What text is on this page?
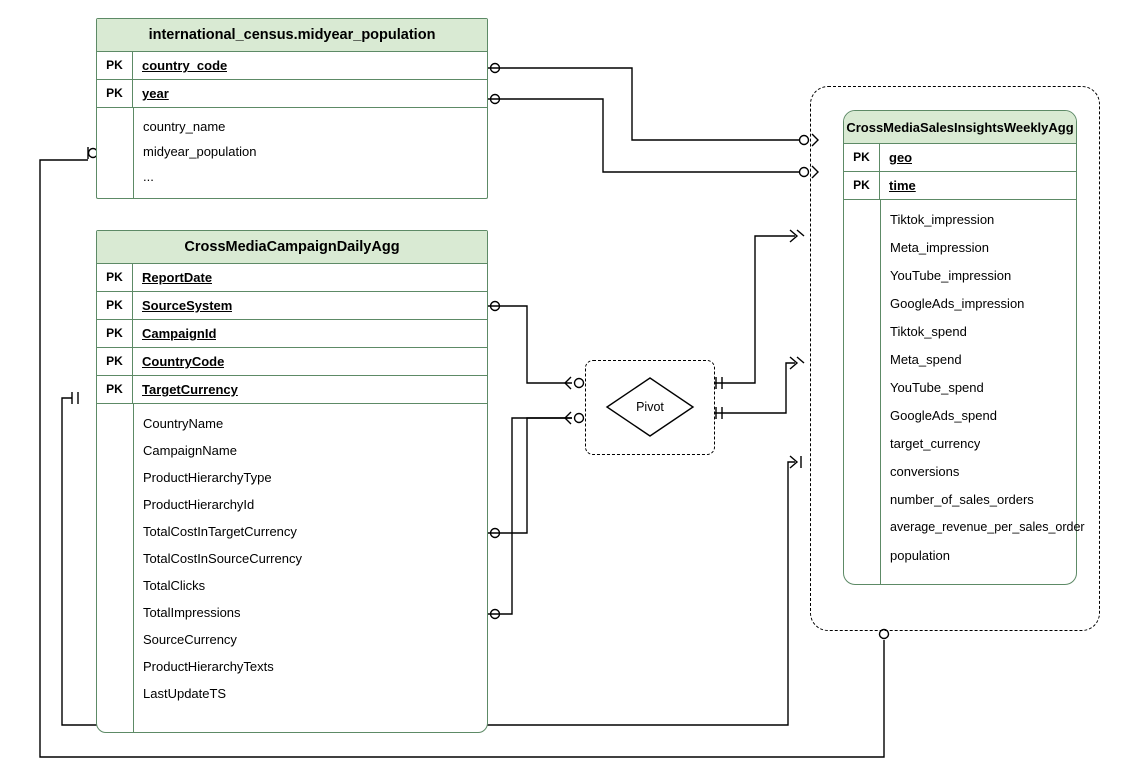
international_census.midyear_population
PK	country_code
PK	year
country_name
midyear_population
...
CrossMediaCampaignDailyAgg
PK	ReportDate
PK	SourceSystem
PK	CampaignId
PK	CountryCode
PK	TargetCurrency
CountryName
CampaignName
ProductHierarchyType
ProductHierarchyId
TotalCostInTargetCurrency
TotalCostInSourceCurrency
TotalClicks
TotalImpressions
SourceCurrency
ProductHierarchyTexts
LastUpdateTS
CrossMediaSalesInsightsWeeklyAgg
PK	geo
PK	time
Tiktok_impression
Meta_impression
YouTube_impression
GoogleAds_impression
Tiktok_spend
Meta_spend
YouTube_spend
GoogleAds_spend
target_currency
conversions
number_of_sales_orders
average_revenue_per_sales_order
population
Pivot
